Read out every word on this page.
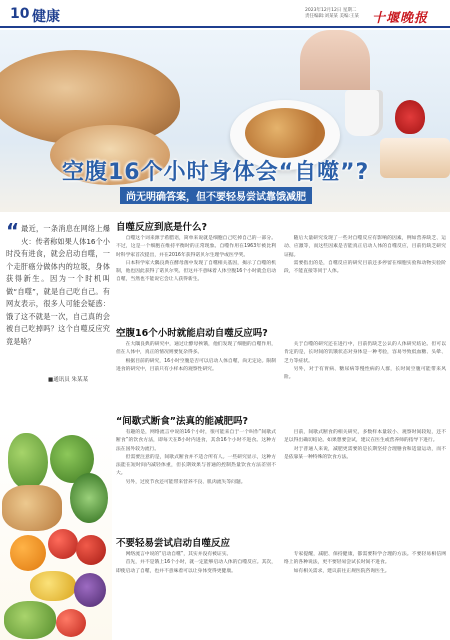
10 健康	2023年12月12日 星期二
责任编辑:刘某某 美编:王某	十堰晚报
空腹16个小时身体会“自噬”?
尚无明确答案，但不要轻易尝试靠饿减肥
“ 最近，一条消息在网络上爆火：传者称如果人体16个小时没有进食，就会启动自噬，一个走肝癌分做体内的垃圾，身体获得新生。因为一个时机叫做“自噬”，就是自己吃自己。有网友表示，很多人可能会疑惑：饿了这不就是一次，自己真的会被自己吃掉吗？这个自噬反应究竟是啥？
■通讯员 朱某某
自噬反应到底是什么?

自噬这个词来源于希腊语，简单来说就是细胞自己吃掉自己的一部分。不过，这是一个细胞在维持平衡时的正常现象。自噬作用在1963年被比利时科学家首次提出，并在2016年获得诺贝尔生理学或医学奖。

日本科学家大隅良典在酵母菌中发现了自噬相关基因，揭示了自噬的机制，他也因此获得了诺贝尔奖。但这并不意味着人体空腹16个小时就会启动自噬，当然也不能说它会让人获得新生。

随后大量研究发现了一些对自噬反应有影响的因素，例如营养缺乏、运动、应激等，而这些因素是否能真正启动人体的自噬反应，目前仍缺乏研究证据。

需要指出的是，自噬反应的研究目前还多停留在细胞实验和动物实验阶段，不能直接等同于人体。

空腹16个小时就能启动自噬反应吗?

在大隅良典的研究中，通过让酵母挨饿，他们发现了细胞的自噬作用，但在人体中，真正的情况则要复杂得多。

根据目前的研究，16小时空腹是否可以启动人体自噬，尚无定论。限制进食的研究中，目前只有小样本的观察性研究。

关于自噬的研究还在进行中，目前仍缺乏公认的人体研究结论。但可以肯定的是，长时间的饥饿状态对身体是一种考验，容易导致低血糖、头晕、乏力等症状。

另外，对于有胃病、糖尿病等慢性病的人群，长时间空腹可能带来风险。

“间歇式断食”法真的能减肥吗?

有趣的是，网络流言中说的16个小时，很可能来自于一个叫作“间歇式断食”的饮食方法，即每天在8小时内进食，其余16个小时不进食。这种方法在国外较为流行。

但需要注意的是，间歇式断食并不适合所有人。一些研究显示，这种方法能在短时间内减轻体重，但长期效果与普通的控制热量饮食方法差别不大。

另外，过度节食还可能带来营养不良、肌肉流失等问题。

目前，间歇式断食的相关研究，多数样本量较小、观察时间较短，还不足以得出确切结论。如果想要尝试，建议在医生或营养师的指导下进行。

对于普通人来说，减肥更需要的是长期坚持合理膳食和适量运动，而不是依靠某一种特殊的饮食方法。

不要轻易尝试启动自噬反应

网络流言中说的“启动自噬”，其实并没有被证实。

首先，并不是饿上16个小时，就一定能够启动人体的自噬反应。其次，即使启动了自噬，也并不意味着可以让身体变得更健康。

专家提醒，减肥、保持健康，都需要科学合理的方法。不要轻易相信网络上的各种说法，更不要轻易尝试长时间不进食。

如有相关需求，建议前往正规医院咨询医生。
